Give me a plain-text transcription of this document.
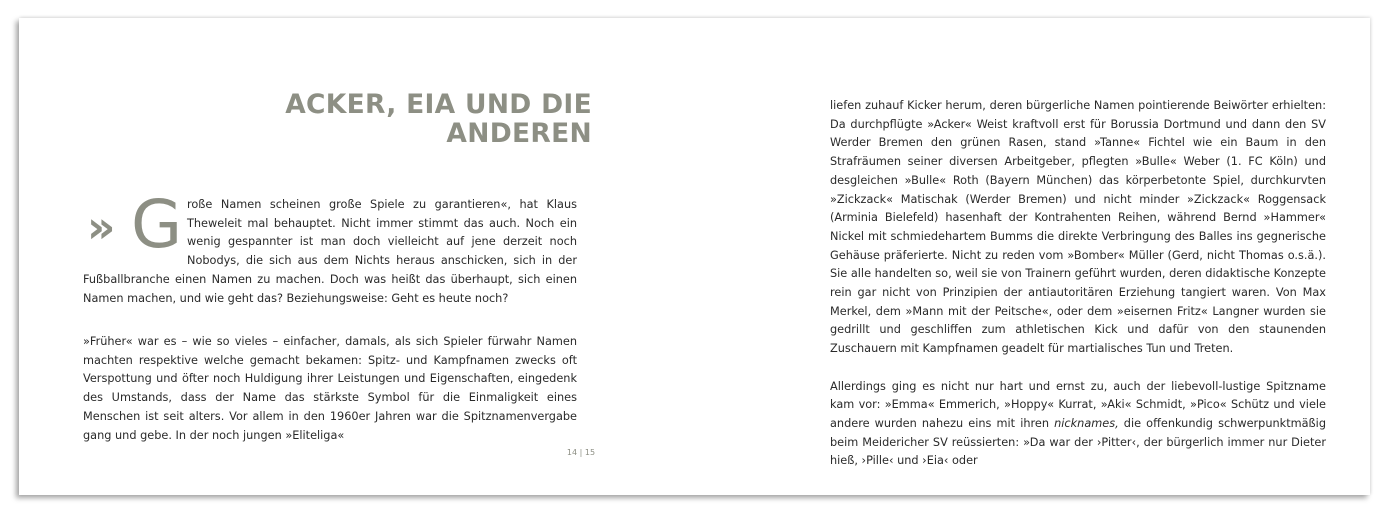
ACKER, EIA UND DIE
ANDEREN
» G roße Namen scheinen große Spiele zu garantieren«, hat Klaus Theweleit mal behauptet. Nicht immer stimmt das auch. Noch ein wenig gespannter ist man doch vielleicht auf jene derzeit noch Nobodys, die sich aus dem Nichts heraus anschicken, sich in der Fußballbranche einen Namen zu machen. Doch was heißt das überhaupt, sich einen Namen machen, und wie geht das? Beziehungsweise: Geht es heute noch?

»Früher« war es – wie so vieles – einfacher, damals, als sich Spieler fürwahr Namen machten respektive welche gemacht bekamen: Spitz- und Kampfnamen zwecks oft Verspottung und öfter noch Huldigung ihrer Leistungen und Eigenschaften, eingedenk des Umstands, dass der Name das stärkste Symbol für die Einmaligkeit eines Menschen ist seit alters. Vor allem in den 1960er Jahren war die Spitznamenvergabe gang und gebe. In der noch jungen »Eliteliga«

liefen zuhauf Kicker herum, deren bürgerliche Namen pointierende Beiwörter erhielten: Da durchpflügte »Acker« Weist kraftvoll erst für Borussia Dortmund und dann den SV Werder Bremen den grünen Rasen, stand »Tanne« Fichtel wie ein Baum in den Strafräumen seiner diversen Arbeitgeber, pflegten »Bulle« Weber (1. FC Köln) und desgleichen »Bulle« Roth (Bayern München) das körperbetonte Spiel, durchkurvten »Zickzack« Matischak (Werder Bremen) und nicht minder »Zickzack« Roggensack (Arminia Bielefeld) hasenhaft der Kontrahenten Reihen, während Bernd »Hammer« Nickel mit schmiedehartem Bumms die direkte Verbringung des Balles ins gegnerische Gehäuse präferierte. Nicht zu reden vom »Bomber« Müller (Gerd, nicht Thomas o.s.ä.). Sie alle handelten so, weil sie von Trainern geführt wurden, deren didaktische Konzepte rein gar nicht von Prinzipien der antiautoritären Erziehung tangiert waren. Von Max Merkel, dem »Mann mit der Peitsche«, oder dem »eisernen Fritz« Langner wurden sie gedrillt und geschliffen zum athletischen Kick und dafür von den staunenden Zuschauern mit Kampfnamen geadelt für martialisches Tun und Treten.

Allerdings ging es nicht nur hart und ernst zu, auch der liebevoll-lustige Spitzname kam vor: »Emma« Emmerich, »Hoppy« Kurrat, »Aki« Schmidt, »Pico« Schütz und viele andere wurden nahezu eins mit ihren nicknames, die offenkundig schwerpunktmäßig beim Meidericher SV reüssierten: »Da war der ›Pitter‹, der bürgerlich immer nur Dieter hieß, ›Pille‹ und ›Eia‹ oder

14 | 15
